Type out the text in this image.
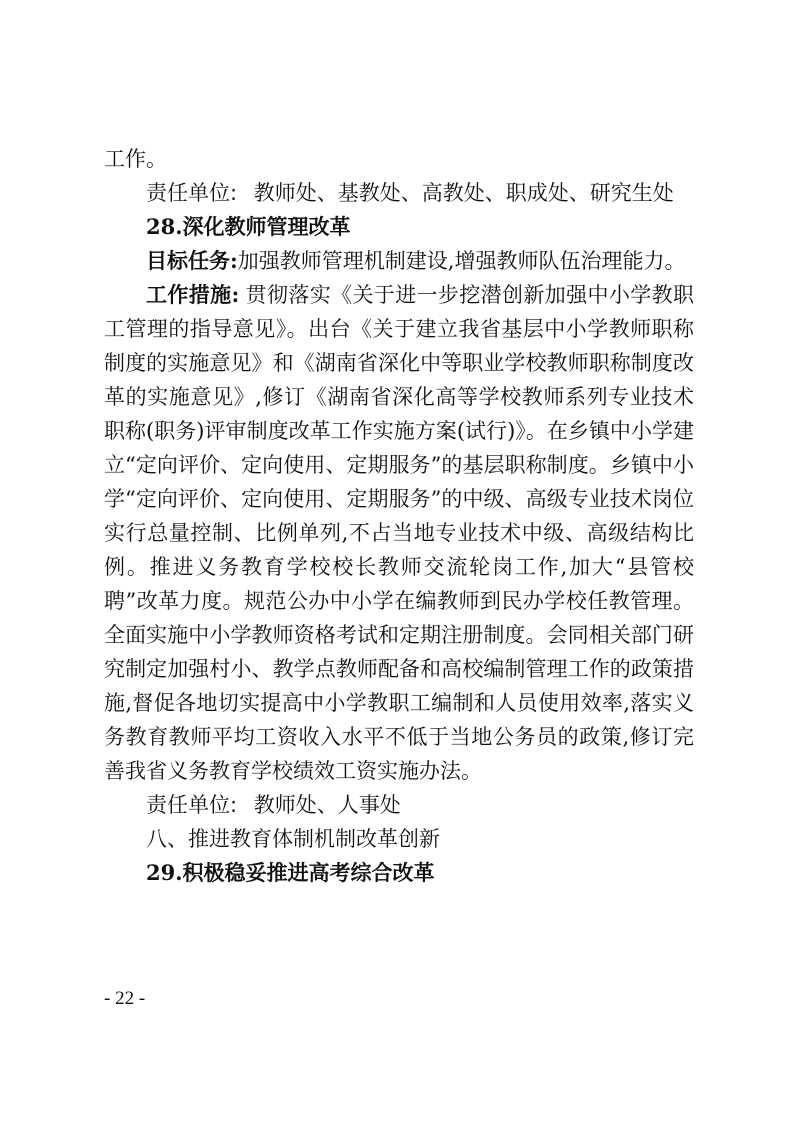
工作。
责任单位: 教师处、基教处、高教处、职成处、研究生处
28.深化教师管理改革
目标任务:加强教师管理机制建设,增强教师队伍治理能力。
工作措施: 贯彻落实《关于进一步挖潜创新加强中小学教职工管理的指导意见》。出台《关于建立我省基层中小学教师职称制度的实施意见》和《湖南省深化中等职业学校教师职称制度改革的实施意见》,修订《湖南省深化高等学校教师系列专业技术职称(职务)评审制度改革工作实施方案(试行)》。在乡镇中小学建立“定向评价、定向使用、定期服务”的基层职称制度。乡镇中小学“定向评价、定向使用、定期服务”的中级、高级专业技术岗位实行总量控制、比例单列,不占当地专业技术中级、高级结构比例。推进义务教育学校校长教师交流轮岗工作,加大“县管校聘”改革力度。规范公办中小学在编教师到民办学校任教管理。全面实施中小学教师资格考试和定期注册制度。会同相关部门研究制定加强村小、教学点教师配备和高校编制管理工作的政策措施,督促各地切实提高中小学教职工编制和人员使用效率,落实义务教育教师平均工资收入水平不低于当地公务员的政策,修订完善我省义务教育学校绩效工资实施办法。
责任单位: 教师处、人事处
八、推进教育体制机制改革创新
29.积极稳妥推进高考综合改革
- 22 -
